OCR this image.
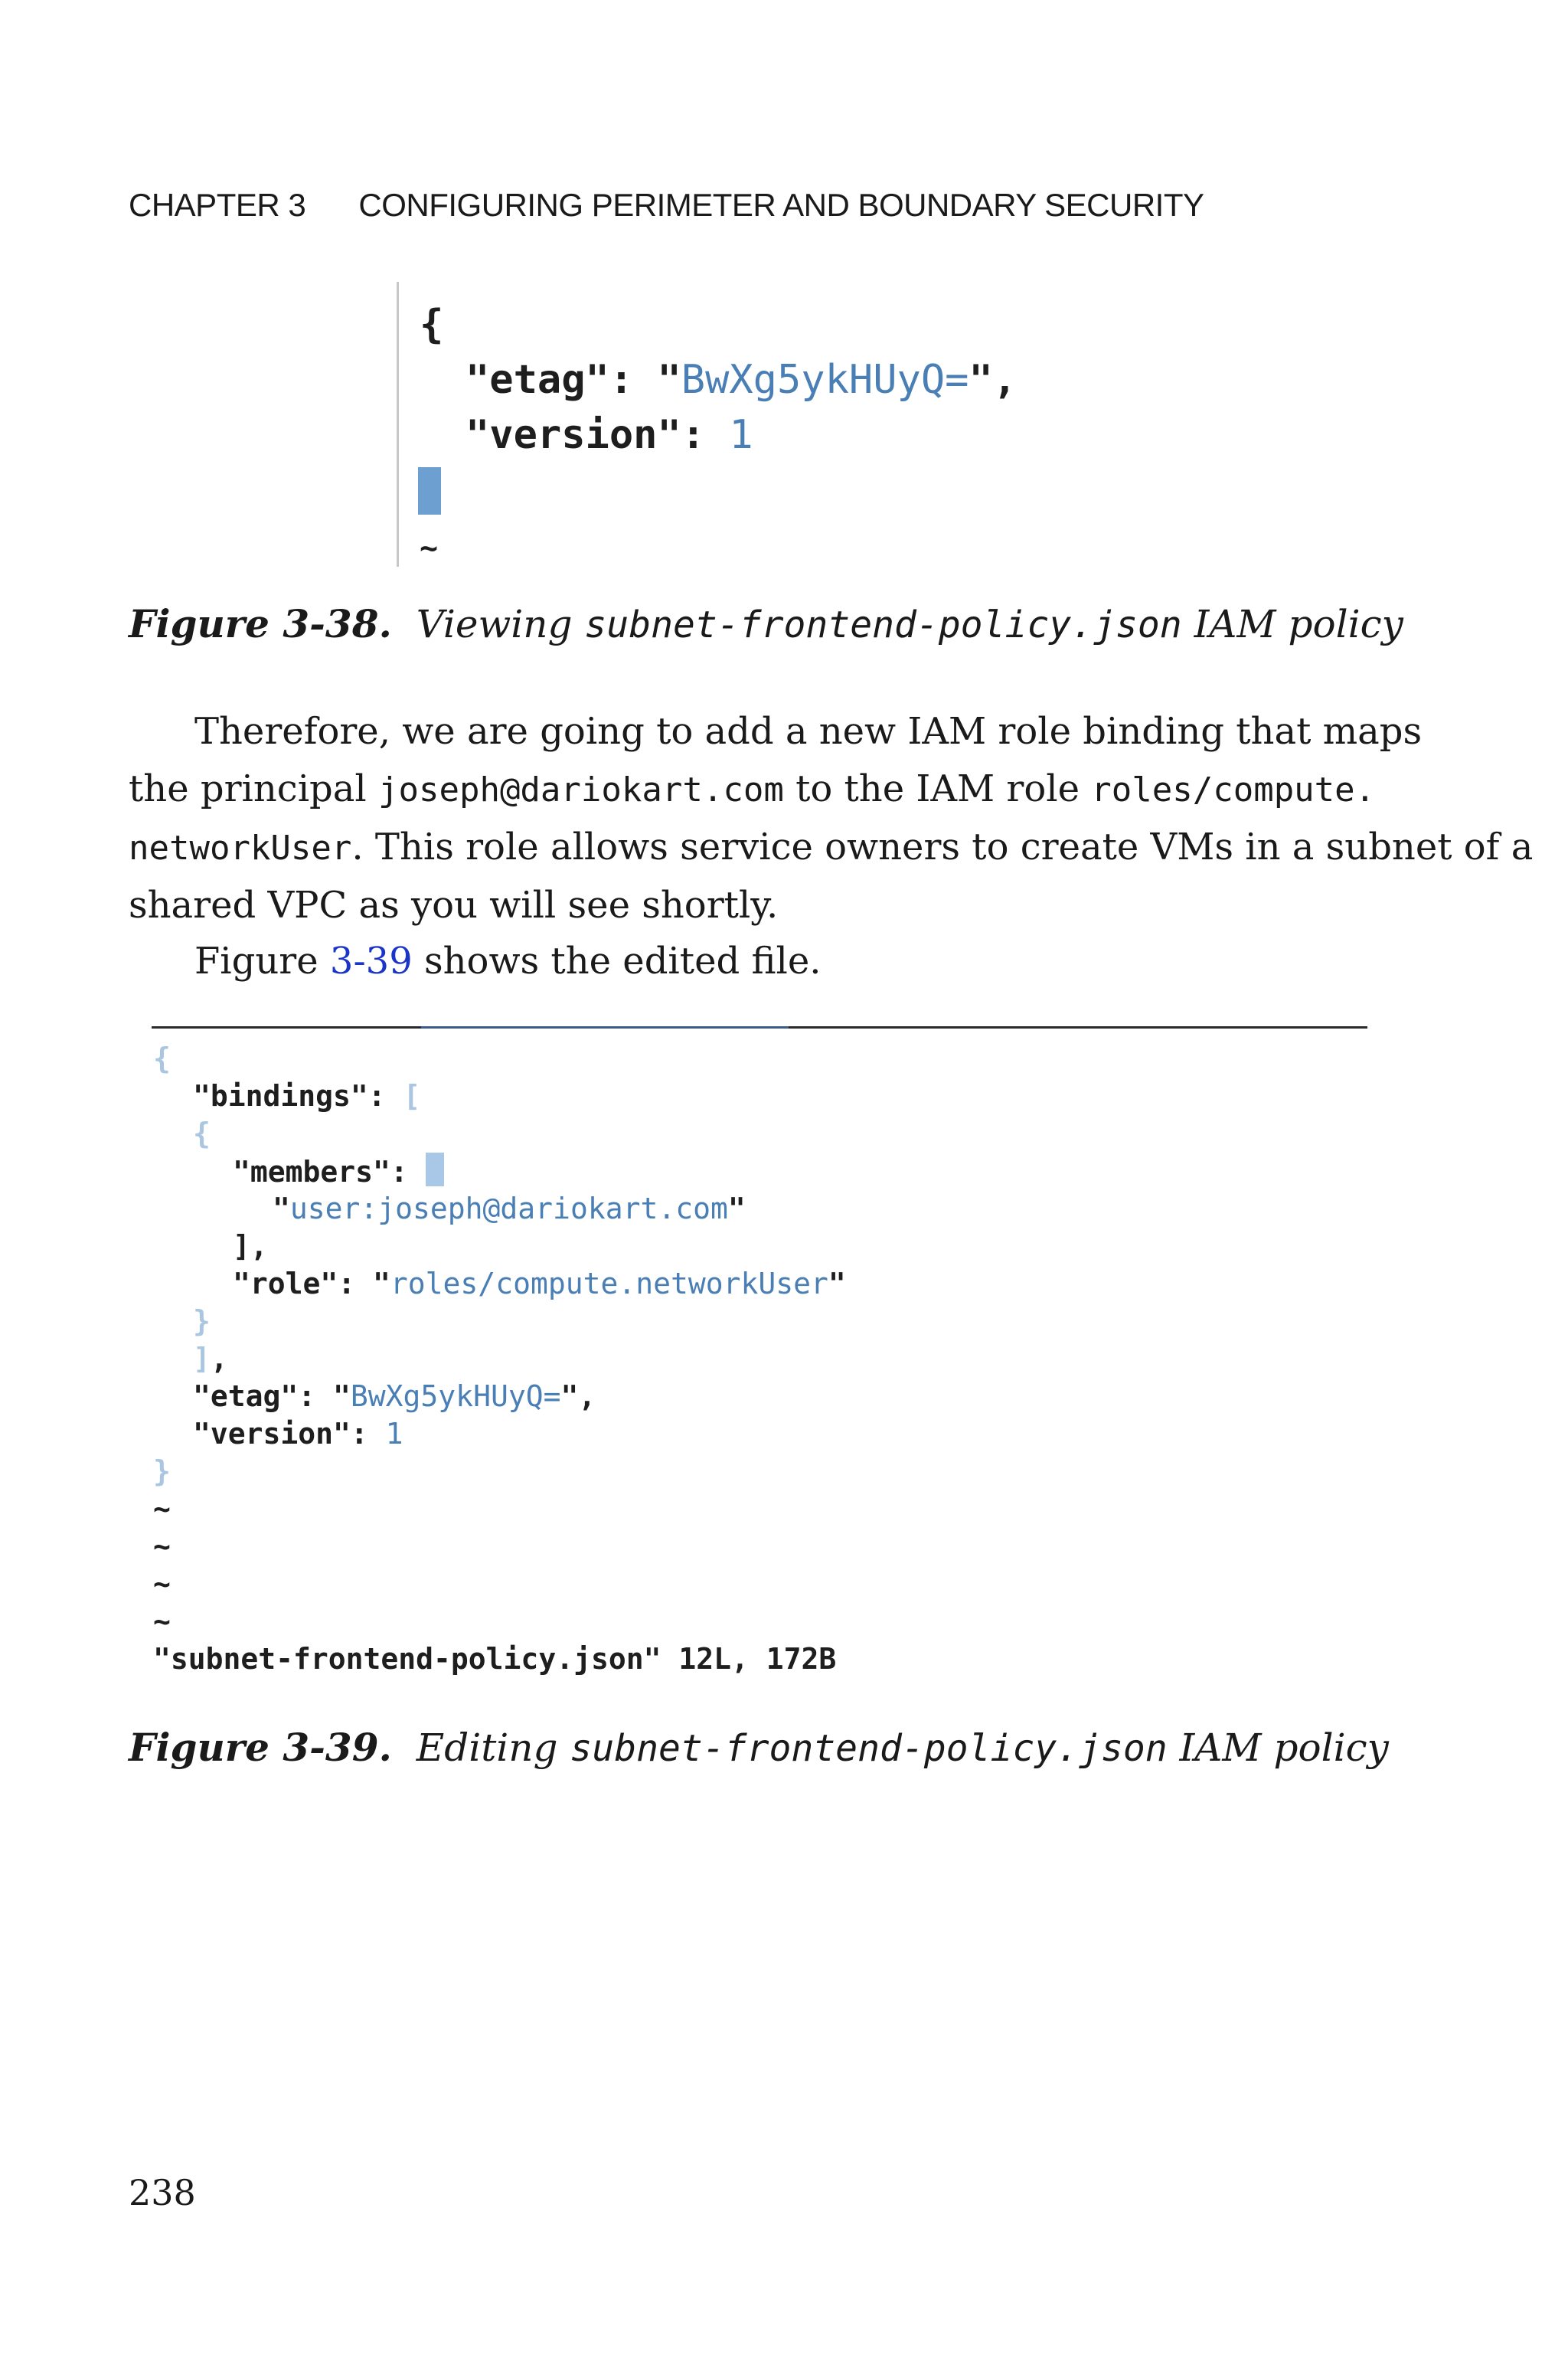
CHAPTER 3 CONFIGURING PERIMETER AND BOUNDARY SECURITY

{

"etag": "BwXg5ykHUyQ=",

"version": 1

~

Figure 3-38. Viewing subnet-frontend-policy.json IAM policy
Therefore, we are going to add a new IAM role binding that maps
the principal joseph@dariokart.com to the IAM role roles/compute.
networkUser. This role allows service owners to create VMs in a subnet of a
shared VPC as you will see shortly.
Figure 3-39 shows the edited file.

{

"bindings": [

{

"members":

"user:joseph@dariokart.com"

],

"role": "roles/compute.networkUser"

}

],

"etag": "BwXg5ykHUyQ=",

"version": 1

}

~

~

~

~

"subnet-frontend-policy.json" 12L, 172B

Figure 3-39. Editing subnet-frontend-policy.json IAM policy
238
